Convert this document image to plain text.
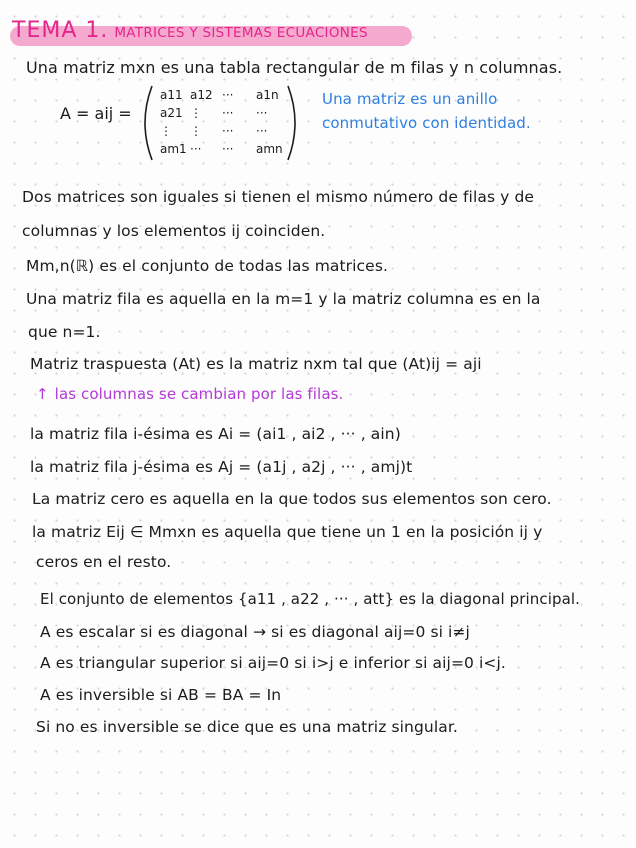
TEMA 1. MATRICES Y SISTEMAS ECUACIONES
Una matriz mxn es una tabla rectangular de m filas y n columnas.
A = aij =
a11 a12 ··· a1n
a21 ⋮ ··· ···
⋮ ⋮ ··· ···
am1 ··· ··· amn
Una matriz es un anillo
conmutativo con identidad.
Dos matrices son iguales si tienen el mismo número de filas y de
columnas y los elementos ij coinciden.
Mm,n(ℝ) es el conjunto de todas las matrices.
Una matriz fila es aquella en la m=1 y la matriz columna es en la
que n=1.
Matriz traspuesta (At) es la matriz nxm tal que (At)ij = aji
↑ las columnas se cambian por las filas.
la matriz fila i-ésima es Ai = (ai1 , ai2 , ··· , ain)
la matriz fila j-ésima es Aj = (a1j , a2j , ··· , amj)t
La matriz cero es aquella en la que todos sus elementos son cero.
la matriz Eij ∈ Mmxn es aquella que tiene un 1 en la posición ij y
ceros en el resto.
El conjunto de elementos {a11 , a22 , ··· , att} es la diagonal principal.
A es escalar si es diagonal → si es diagonal aij=0 si i≠j
A es triangular superior si aij=0 si i>j e inferior si aij=0 i<j.
A es inversible si AB = BA = In
Si no es inversible se dice que es una matriz singular.
